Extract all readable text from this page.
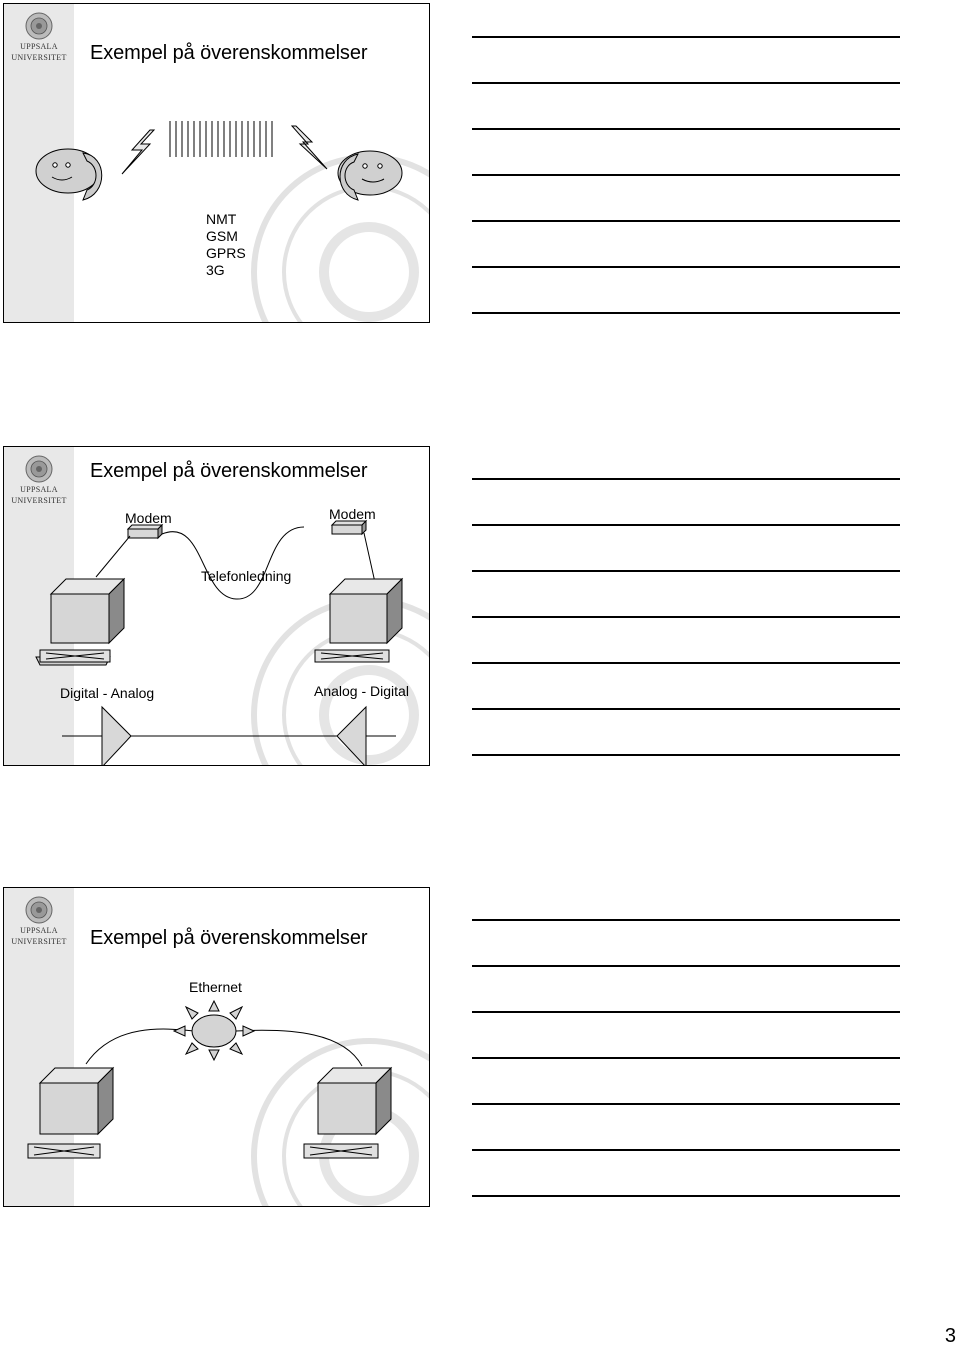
UPPSALA
UNIVERSITET Exempel på överenskommelser
NMT
GSM
GPRS
3G
UPPSALA
UNIVERSITET
Exempel på överenskommelser
Modem	Modem
Telefonledning
Digital - Analog	Analog - Digital
UPPSALA
UNIVERSITET Exempel på överenskommelser
Ethernet
3
